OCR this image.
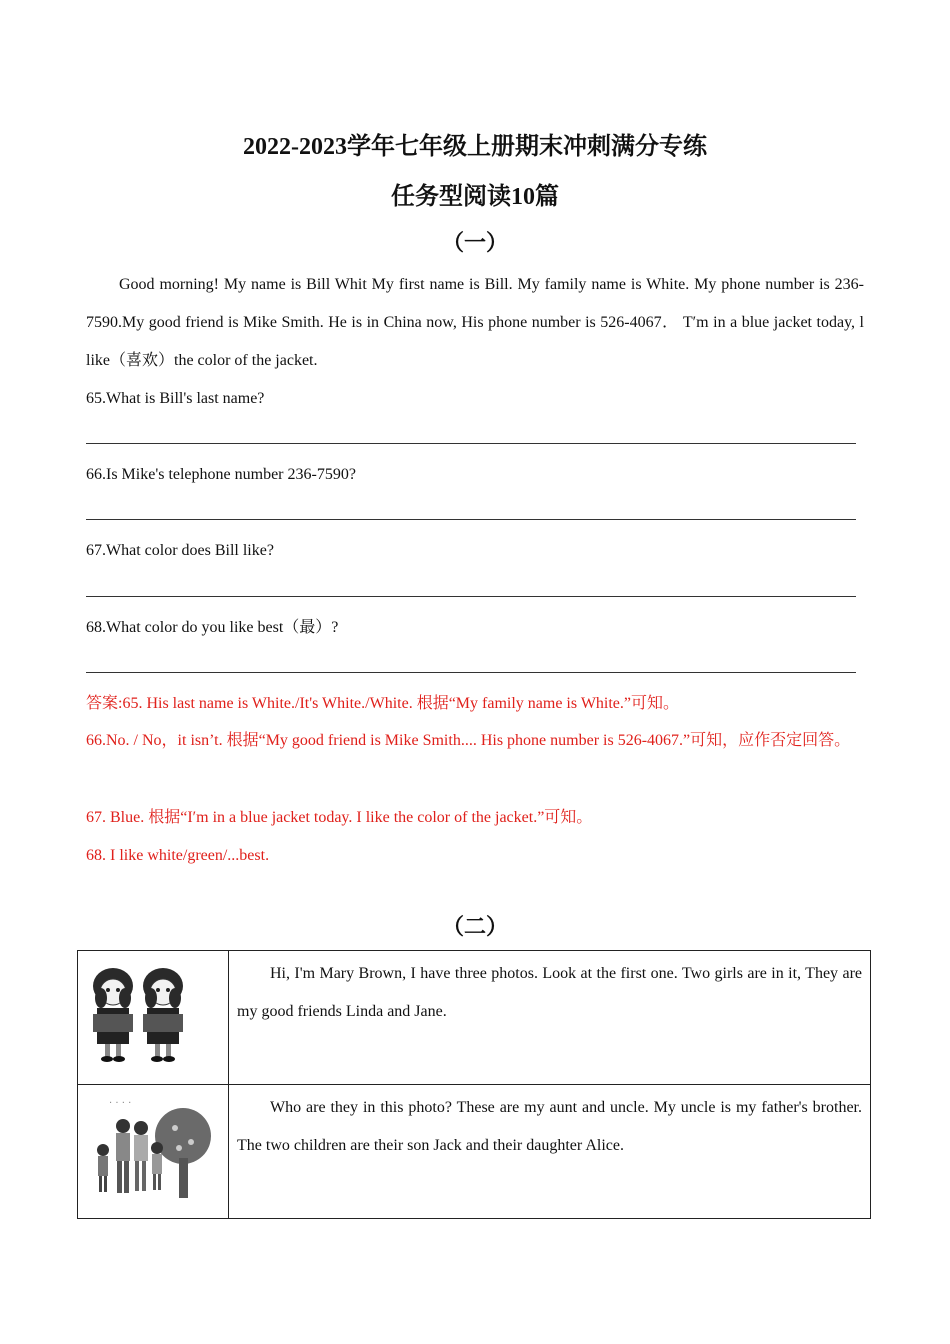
2022-2023学年七年级上册期末冲刺满分专练
任务型阅读10篇
（一）
Good morning! My name is Bill Whit My first name is Bill. My family name is White. My phone number is 236-7590.My good friend is Mike Smith. He is in China now, His phone number is 526-4067． T′m in a blue jacket today, l like（喜欢）the color of the jacket.
65.What is Bill's last name?
66.Is Mike's telephone number 236-7590?
67.What color does Bill like?
68.What color do you like best（最）?
答案:65. His last name is White./It's White./White. 根据“My family name is White.”可知。
66.No. / No，it isn’t. 根据“My good friend is Mike Smith.... His phone number is 526-4067.”可知，应作否定回答。
67. Blue. 根据“I′m in a blue jacket today. I like the color of the jacket.”可知。
68. I like white/green/...best.
（二）
	Hi, I'm Mary Brown, I have three photos. Look at the first one. Two girls are in it, They are my good friends Linda and Jane.

· · · ·	Who are they in this photo? These are my aunt and uncle. My uncle is my father's brother. The two children are their son Jack and their daughter Alice.
